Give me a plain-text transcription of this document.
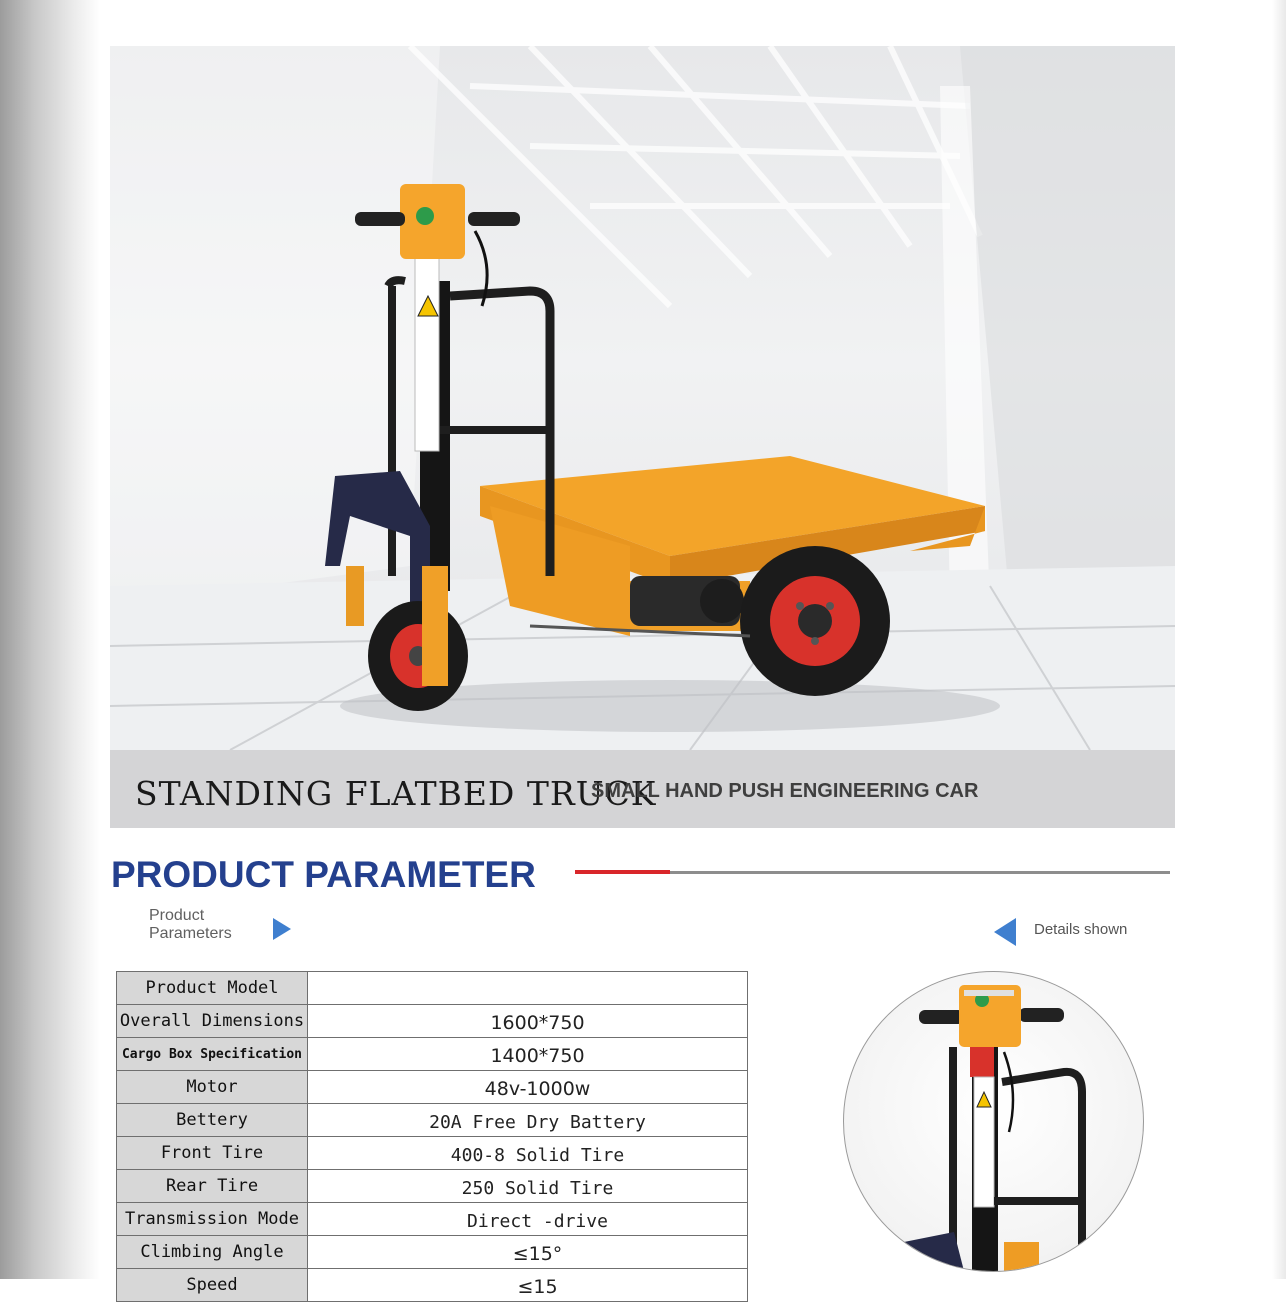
STANDING FLATBED TRUCK
SMALL HAND PUSH ENGINEERING CAR
PRODUCT PARAMETER
Product Parameters	Details shown
Product Model	
Overall Dimensions	1600*750
Cargo Box Specification	1400*750
Motor	48v-1000w
Bettery	20A Free Dry Battery
Front Tire	400-8 Solid Tire
Rear Tire	250 Solid Tire
Transmission Mode	Direct -drive
Climbing Angle	≤15°
Speed	≤15
